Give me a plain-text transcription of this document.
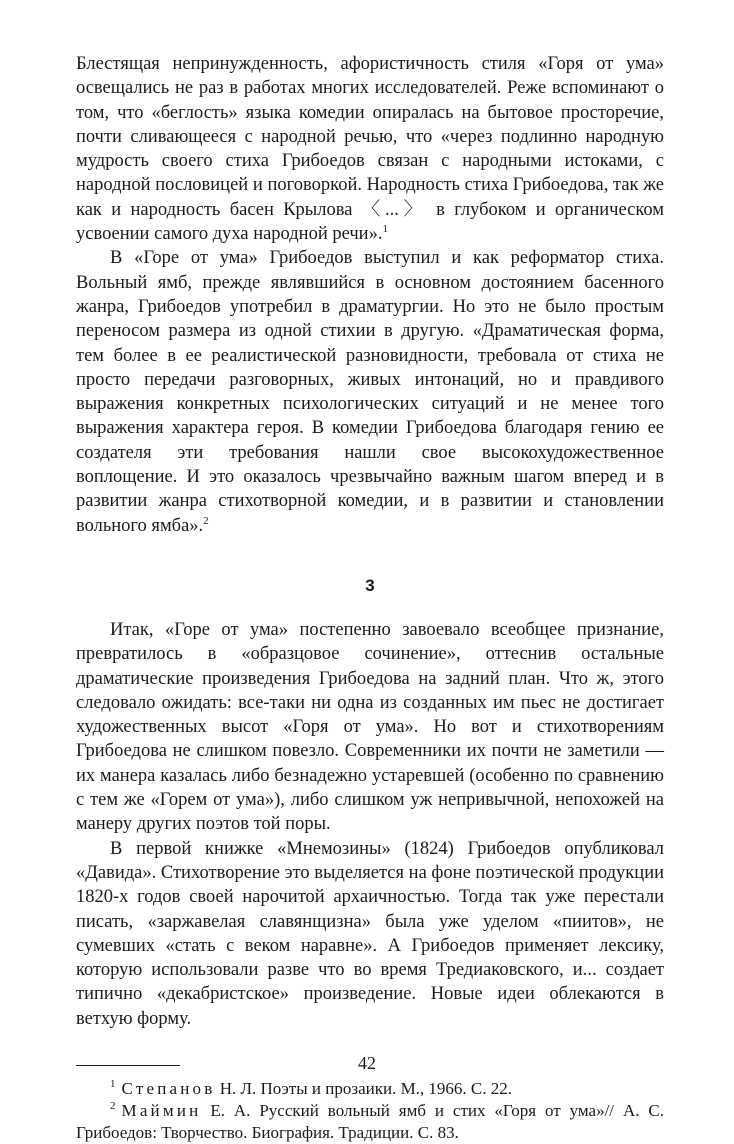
Блестящая непринужденность, афористичность стиля «Горя от ума» освещались не раз в работах многих исследователей. Реже вспоминают о том, что «беглость» языка комедии опиралась на бытовое просторечие, почти сливающееся с народной речью, что «через подлинно народную мудрость своего стиха Грибоедов связан с народными истоками, с народной пословицей и поговоркой. Народность стиха Грибоедова, так же как и народность басен Крылова 〈...〉 в глубоком и органическом усвоении самого духа народной речи».$^1$

В «Горе от ума» Грибоедов выступил и как реформатор стиха. Вольный ямб, прежде являвшийся в основном достоянием басенного жанра, Грибоедов употребил в драматургии. Но это не было простым переносом размера из одной стихии в другую. «Драматическая форма, тем более в ее реалистической разновидности, требовала от стиха не просто передачи разговорных, живых интонаций, но и правдивого выражения конкретных психологических ситуаций и не менее того выражения характера героя. В комедии Грибоедова благодаря гению ее создателя эти требования нашли свое высокохудожественное воплощение. И это оказалось чрезвычайно важным шагом вперед и в развитии жанра стихотворной комедии, и в развитии и становлении вольного ямба».$^2$

3

Итак, «Горе от ума» постепенно завоевало всеобщее признание, превратилось в «образцовое сочинение», оттеснив остальные драматические произведения Грибоедова на задний план. Что ж, этого следовало ожидать: все-таки ни одна из созданных им пьес не достигает художественных высот «Горя от ума». Но вот и стихотворениям Грибоедова не слишком повезло. Современники их почти не заметили — их манера казалась либо безнадежно устаревшей (особенно по сравнению с тем же «Горем от ума»), либо слишком уж непривычной, непохожей на манеру других поэтов той поры.

В первой книжке «Мнемозины» (1824) Грибоедов опубликовал «Давида». Стихотворение это выделяется на фоне поэтической продукции 1820-х годов своей нарочитой архаичностью. Тогда так уже перестали писать, «заржавелая славянщизна» была уже уделом «пиитов», не сумевших «стать с веком наравне». А Грибоедов применяет лексику, которую использовали разве что во время Тредиаковского, и... создает типично «декабристское» произведение. Новые идеи облекаются в ветхую форму.

$^1$ Степанов Н. Л. Поэты и прозаики. М., 1966. С. 22.

$^2$ Маймин Е. А. Русский вольный ямб и стих «Горя от ума»// А. С. Грибоедов: Творчество. Биография. Традиции. С. 83.

42
